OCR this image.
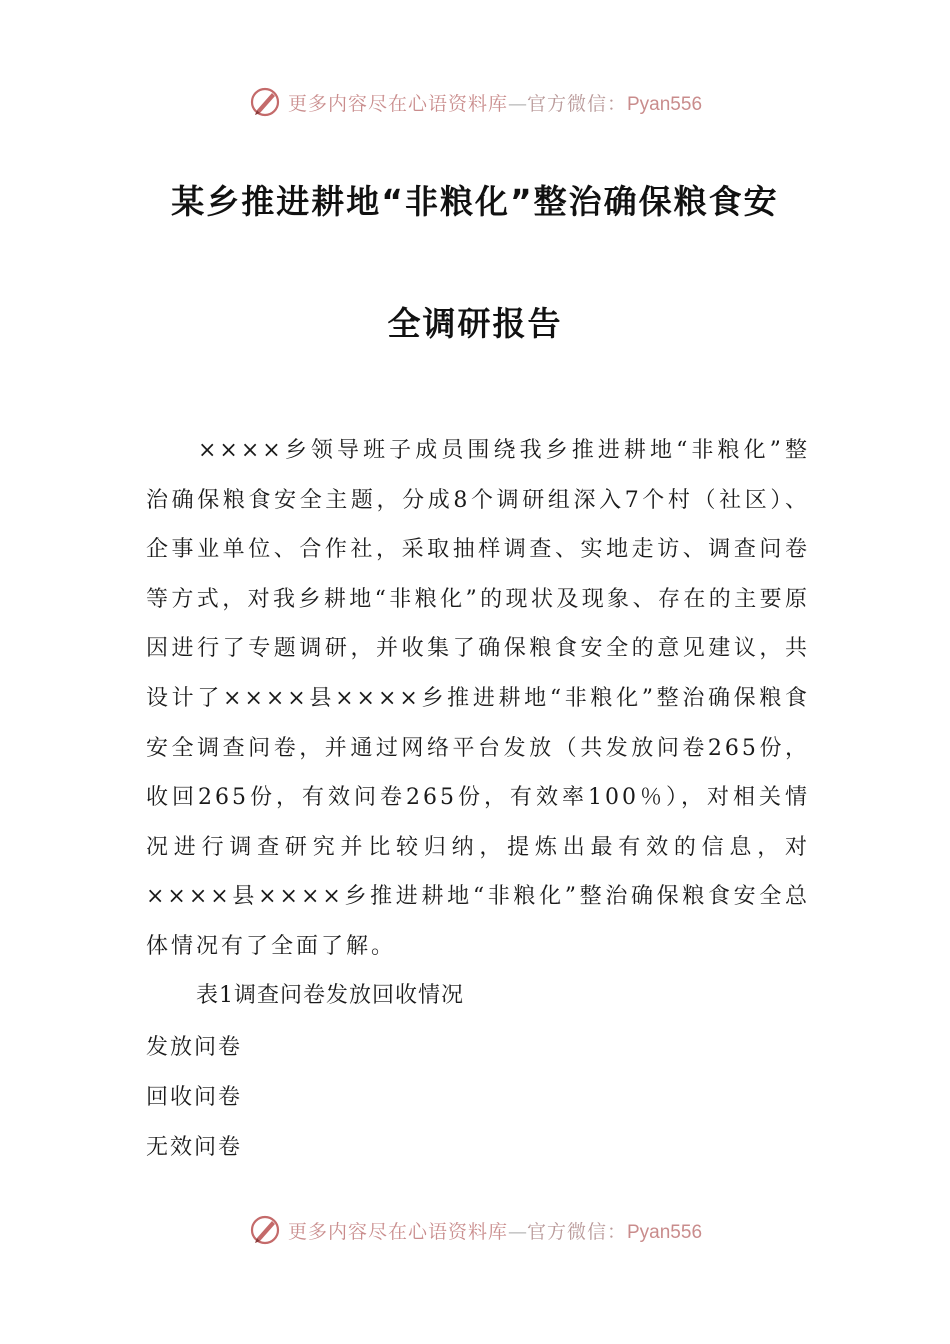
更多内容尽在心语资料库—官方微信：Pyan556
某乡推进耕地“非粮化”整治确保粮食安
全调研报告

××××乡领导班子成员围绕我乡推进耕地“非粮化”整治确保粮食安全主题，分成8个调研组深入7个村（社区）、企事业单位、合作社，采取抽样调查、实地走访、调查问卷等方式，对我乡耕地“非粮化”的现状及现象、存在的主要原因进行了专题调研，并收集了确保粮食安全的意见建议，共设计了××××县××××乡推进耕地“非粮化”整治确保粮食安全调查问卷，并通过网络平台发放（共发放问卷265份，收回265份，有效问卷265份，有效率100％），对相关情况进行调查研究并比较归纳，提炼出最有效的信息，对××××县××××乡推进耕地“非粮化”整治确保粮食安全总体情况有了全面了解。

表1调查问卷发放回收情况
发放问卷
回收问卷
无效问卷
更多内容尽在心语资料库—官方微信：Pyan556
